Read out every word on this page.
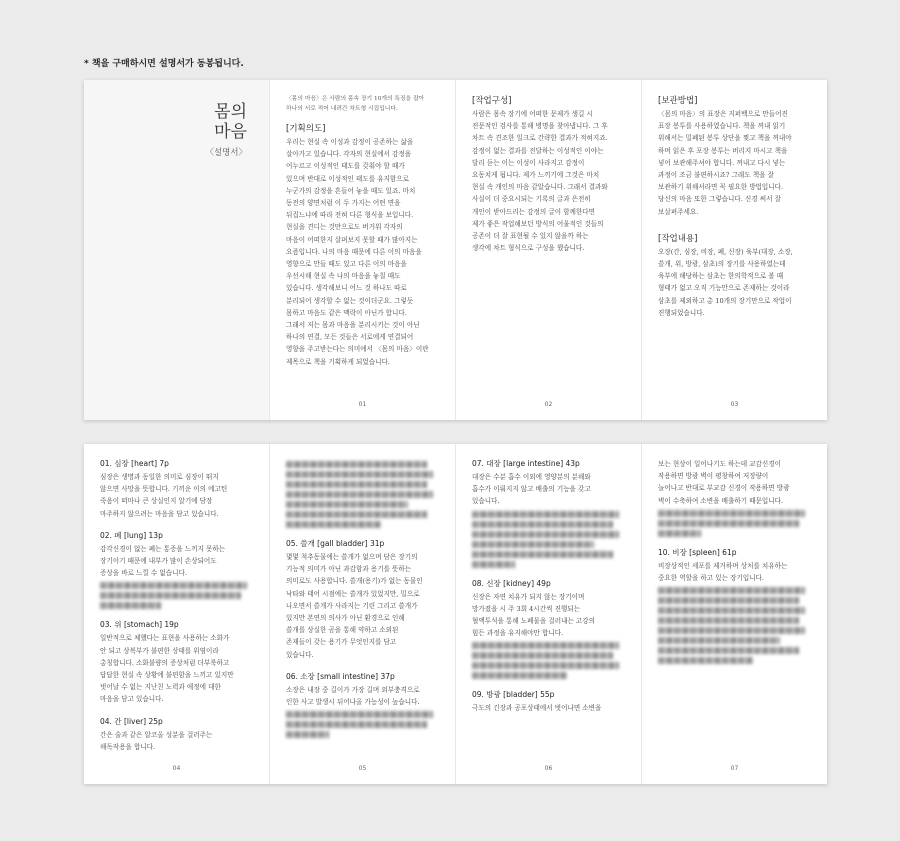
* 책을 구매하시면 설명서가 동봉됩니다.
몸의
마음
〈설명서〉

〈몸의 마음〉은 사람의 몸속 장기 10개의 특징을 잡아
하나의 서로 적어 내려간 차트형 시집입니다.

[기획의도]

우리는 현실 속 이성과 감정이 공존하는 삶을
살아가고 있습니다. 각자의 현실에서 감정을
어누르고 이성적인 태도를 갖춰야 할 때가
있으며 반대로 이성적인 태도를 유지함으로
누군가의 감정을 흔들어 놓을 때도 있죠. 마치
동전의 양면처럼 이 두 가지는 어떤 면을
뒤집느냐에 따라 전혀 다른 형식을 보입니다.
현실을 견디는 것만으로도 버거워 각자의
마음이 어떠한지 살펴보지 못할 때가 많아지는
요즘입니다. 나의 마음 때문에 다른 이의 마음을
영향으로 만들 때도 있고 다른 이의 마음을
우선시해 현실 속 나의 마음을 놓칠 때도
있습니다. 생각해보니 어느 것 하나도 따로
분리되어 생각할 수 없는 것이더군요. 그렇듯
몸하고 마음도 같은 맥락이 아닌가 합니다.
그래서 저는 몸과 마음을 분리시키는 것이 아닌
하나의 연결, 모든 것들은 서로에게 연결되어
영향을 주고받는다는 의미에서 〈몸의 마음〉이란
제목으로 책을 기획하게 되었습니다.

01
[작업구성]

사람은 몸속 장기에 어떠한 문제가 생길 시
전문적인 검사를 통해 병명을 찾아냅니다. 그 후
차트 속 견조한 일크로 간략한 결과가 적혀지죠.
감정이 없는 결과를 전달하는 이성적인 이야는
달리 듣는 이는 이성이 사라지고 감정이
요동치게 됩니다. 제가 느끼기에 그것은 마치
현실 속 개인의 마음 같았습니다. 그래서 결과와
사실이 더 중요시되는 기록의 글과 은전히
개인이 받아드리는 감정의 글이 함께한다면
제가 좋은 작업해보던 방식의 어울적인 것들의
공존이 더 잘 표현될 수 있지 않을까 하는
생각에 차트 형식으로 구성을 했습니다.

02
[보관방법]

〈몸의 마음〉의 표장은 지퍼백으로 만들어진
표장 봉투를 사용하였습니다. 책을 꺼내 읽기
위해서는 밀폐된 봉투 상단을 찢고 책을 꺼내야
하며 읽은 후 포장 봉투는 버리지 마시고 책을
넣어 보관해주셔야 합니다. 꺼내고 다시 넣는
과정이 조금 불편하시죠? 그래도 책을 잘
보관하기 위해서라면 꼭 필요한 방법입니다.
당신의 마음 또한 그렇습니다. 신경 써서 잘
보살펴주세요.

[작업내용]

오장(간, 심장, 비장, 폐, 신장) 육부(대장, 소장,
쓸개, 위, 방광, 삼초)의 장기를 사용하였는데
육부에 해당하는 삼초는 한의학적으로 볼 때
형태가 없고 오직 기능만으로 존재하는 것이라
삼초를 제외하고 총 10개의 장기만으로 작업이
진행되었습니다.

03
01. 심장 [heart] 7p

심장은 생명과 동일한 의미로 심장이 뛰지
않으면 사망을 뜻합니다. 기끼운 이의 에고틴
죽음이 떠마나 큰 상실인지 알기에 담장
마주하지 않으려는 마음을 담고 있습니다.

02. 폐 [lung] 13p

감각신경이 없는 폐는 통증을 느끼지 못하는
장기이기 때문에 내부가 많이 손상되어도
증상을 바로 느낄 수 없습니다.

03. 위 [stomach] 19p

일반적으로 체했다는 표현을 사용하는 소화가
안 되고 상복부가 불편한 상태를 위염이라
총칭합니다. 소화불량의 증상처럼 더부룩하고
답답한 현실 속 상황에 불편함을 느끼고 있지만
벗어날 수 없는 지난친 노력과 애정에 대한
마음을 담고 있습니다.

04. 간 [liver] 25p

간은 술과 같은 알코올 성분을 걸러주는
해독작용을 합니다.

04
05. 쓸개 [gall bladder] 31p

몇몇 척추동물에는 쓸개가 없으며 담은 장기의
기능적 의미가 아닌 과감함과 용기를 뜻하는
의미로도 사용합니다. 쓸개(용기)가 없는 동물인
낙타와 태어 시점에는 쓸개가 있었지만, 밀으로
나오면서 쓸개가 사라지는 기린 그리고 쓸개가
있지만 본연의 의사가 아닌 환경으로 인해
쓸개를 상실한 곰을 통해 약하고 소외된
존재들이 갖는 용기가 무엇인지를 담고
있습니다.

06. 소장 [small intestine] 37p

소장은 내장 중 길이가 가장 길며 외부충격으로
인한 사고 발생시 뒤어나올 가능성이 높습니다.

05
07. 대장 [large intestine] 43p

대장은 수분 흡수 이외에 영양분의 분해와
흡수가 이뤄지지 않고 배출의 기능을 갖고
있습니다.

08. 신장 [kidney] 49p

신장은 자연 치유가 되지 않는 장기이며
망가졌을 시 주 3회 4시간씩 진행되는
혈액투석을 통해 노폐물을 걸러내는 고강의
힘든 과정을 유지해야만 합니다.

09. 방광 [bladder] 55p

극도의 긴장과 공포상태에서 벗어나면 소변을

06

보는 현상이 일어나기도 하는데 교감신경이
작용하면 방광 벽이 평창하여 저장량이
늘어나고 반대로 부교감 신경이 작용하면 방광
벽이 수축하여 소변을 배출하기 때문입니다.

10. 비장 [spleen] 61p

비장상적인 세포를 제거하며 상처를 치유하는
중요한 역할을 하고 있는 장기입니다.

07
